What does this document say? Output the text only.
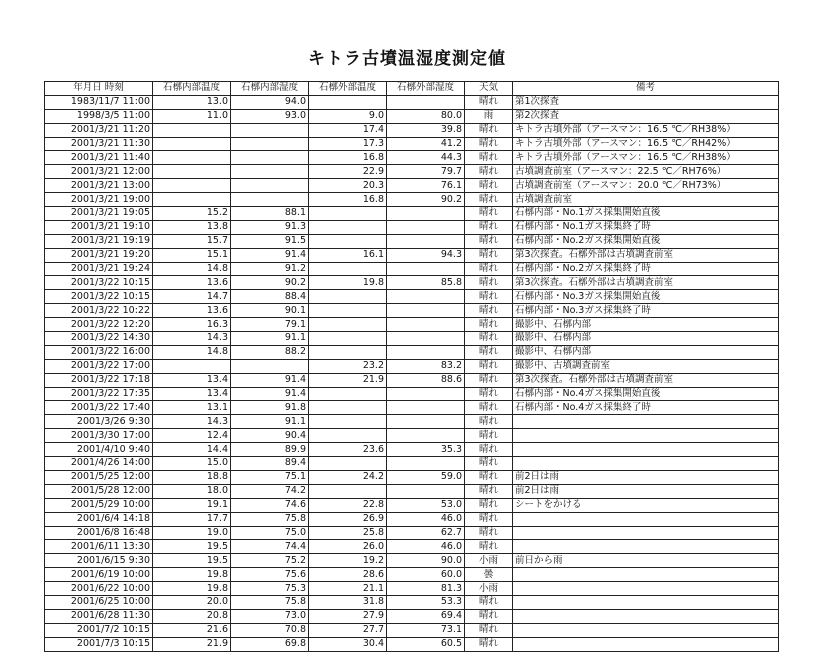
キトラ古墳温湿度測定値
年月日 時刻	石槨内部温度	石槨内部湿度	石槨外部温度	石槨外部湿度	天気	備考
1983/11/7 11:00	13.0	94.0			晴れ	第1次探査
1998/3/5 11:00	11.0	93.0	9.0	80.0	雨	第2次探査
2001/3/21 11:20			17.4	39.8	晴れ	キトラ古墳外部（アースマン：16.5 ℃／RH38%）
2001/3/21 11:30			17.3	41.2	晴れ	キトラ古墳外部（アースマン：16.5 ℃／RH42%）
2001/3/21 11:40			16.8	44.3	晴れ	キトラ古墳外部（アースマン：16.5 ℃／RH38%）
2001/3/21 12:00			22.9	79.7	晴れ	古墳調査前室（アースマン：22.5 ℃／RH76%）
2001/3/21 13:00			20.3	76.1	晴れ	古墳調査前室（アースマン：20.0 ℃／RH73%）
2001/3/21 19:00			16.8	90.2	晴れ	古墳調査前室
2001/3/21 19:05	15.2	88.1			晴れ	石槨内部・No.1ガス採集開始直後
2001/3/21 19:10	13.8	91.3			晴れ	石槨内部・No.1ガス採集終了時
2001/3/21 19:19	15.7	91.5			晴れ	石槨内部・No.2ガス採集開始直後
2001/3/21 19:20	15.1	91.4	16.1	94.3	晴れ	第3次探査。石槨外部は古墳調査前室
2001/3/21 19:24	14.8	91.2			晴れ	石槨内部・No.2ガス採集終了時
2001/3/22 10:15	13.6	90.2	19.8	85.8	晴れ	第3次探査。石槨外部は古墳調査前室
2001/3/22 10:15	14.7	88.4			晴れ	石槨内部・No.3ガス採集開始直後
2001/3/22 10:22	13.6	90.1			晴れ	石槨内部・No.3ガス採集終了時
2001/3/22 12:20	16.3	79.1			晴れ	撮影中、石槨内部
2001/3/22 14:30	14.3	91.1			晴れ	撮影中、石槨内部
2001/3/22 16:00	14.8	88.2			晴れ	撮影中、石槨内部
2001/3/22 17:00			23.2	83.2	晴れ	撮影中、古墳調査前室
2001/3/22 17:18	13.4	91.4	21.9	88.6	晴れ	第3次探査。石槨外部は古墳調査前室
2001/3/22 17:35	13.4	91.4			晴れ	石槨内部・No.4ガス採集開始直後
2001/3/22 17:40	13.1	91.8			晴れ	石槨内部・No.4ガス採集終了時
2001/3/26 9:30	14.3	91.1			晴れ	
2001/3/30 17:00	12.4	90.4			晴れ	
2001/4/10 9:40	14.4	89.9	23.6	35.3	晴れ	
2001/4/26 14:00	15.0	89.4			晴れ	
2001/5/25 12:00	18.8	75.1	24.2	59.0	晴れ	前2日は雨
2001/5/28 12:00	18.0	74.2			晴れ	前2日は雨
2001/5/29 10:00	19.1	74.6	22.8	53.0	晴れ	シートをかける
2001/6/4 14:18	17.7	75.8	26.9	46.0	晴れ	
2001/6/8 16:48	19.0	75.0	25.8	62.7	晴れ	
2001/6/11 13:30	19.5	74.4	26.0	46.0	晴れ	
2001/6/15 9:30	19.5	75.2	19.2	90.0	小雨	前日から雨
2001/6/19 10:00	19.8	75.6	28.6	60.0	曇	
2001/6/22 10:00	19.8	75.3	21.1	81.3	小雨	
2001/6/25 10:00	20.0	75.8	31.8	53.3	晴れ	
2001/6/28 11:30	20.8	73.0	27.9	69.4	晴れ	
2001/7/2 10:15	21.6	70.8	27.7	73.1	晴れ	
2001/7/3 10:15	21.9	69.8	30.4	60.5	晴れ	
